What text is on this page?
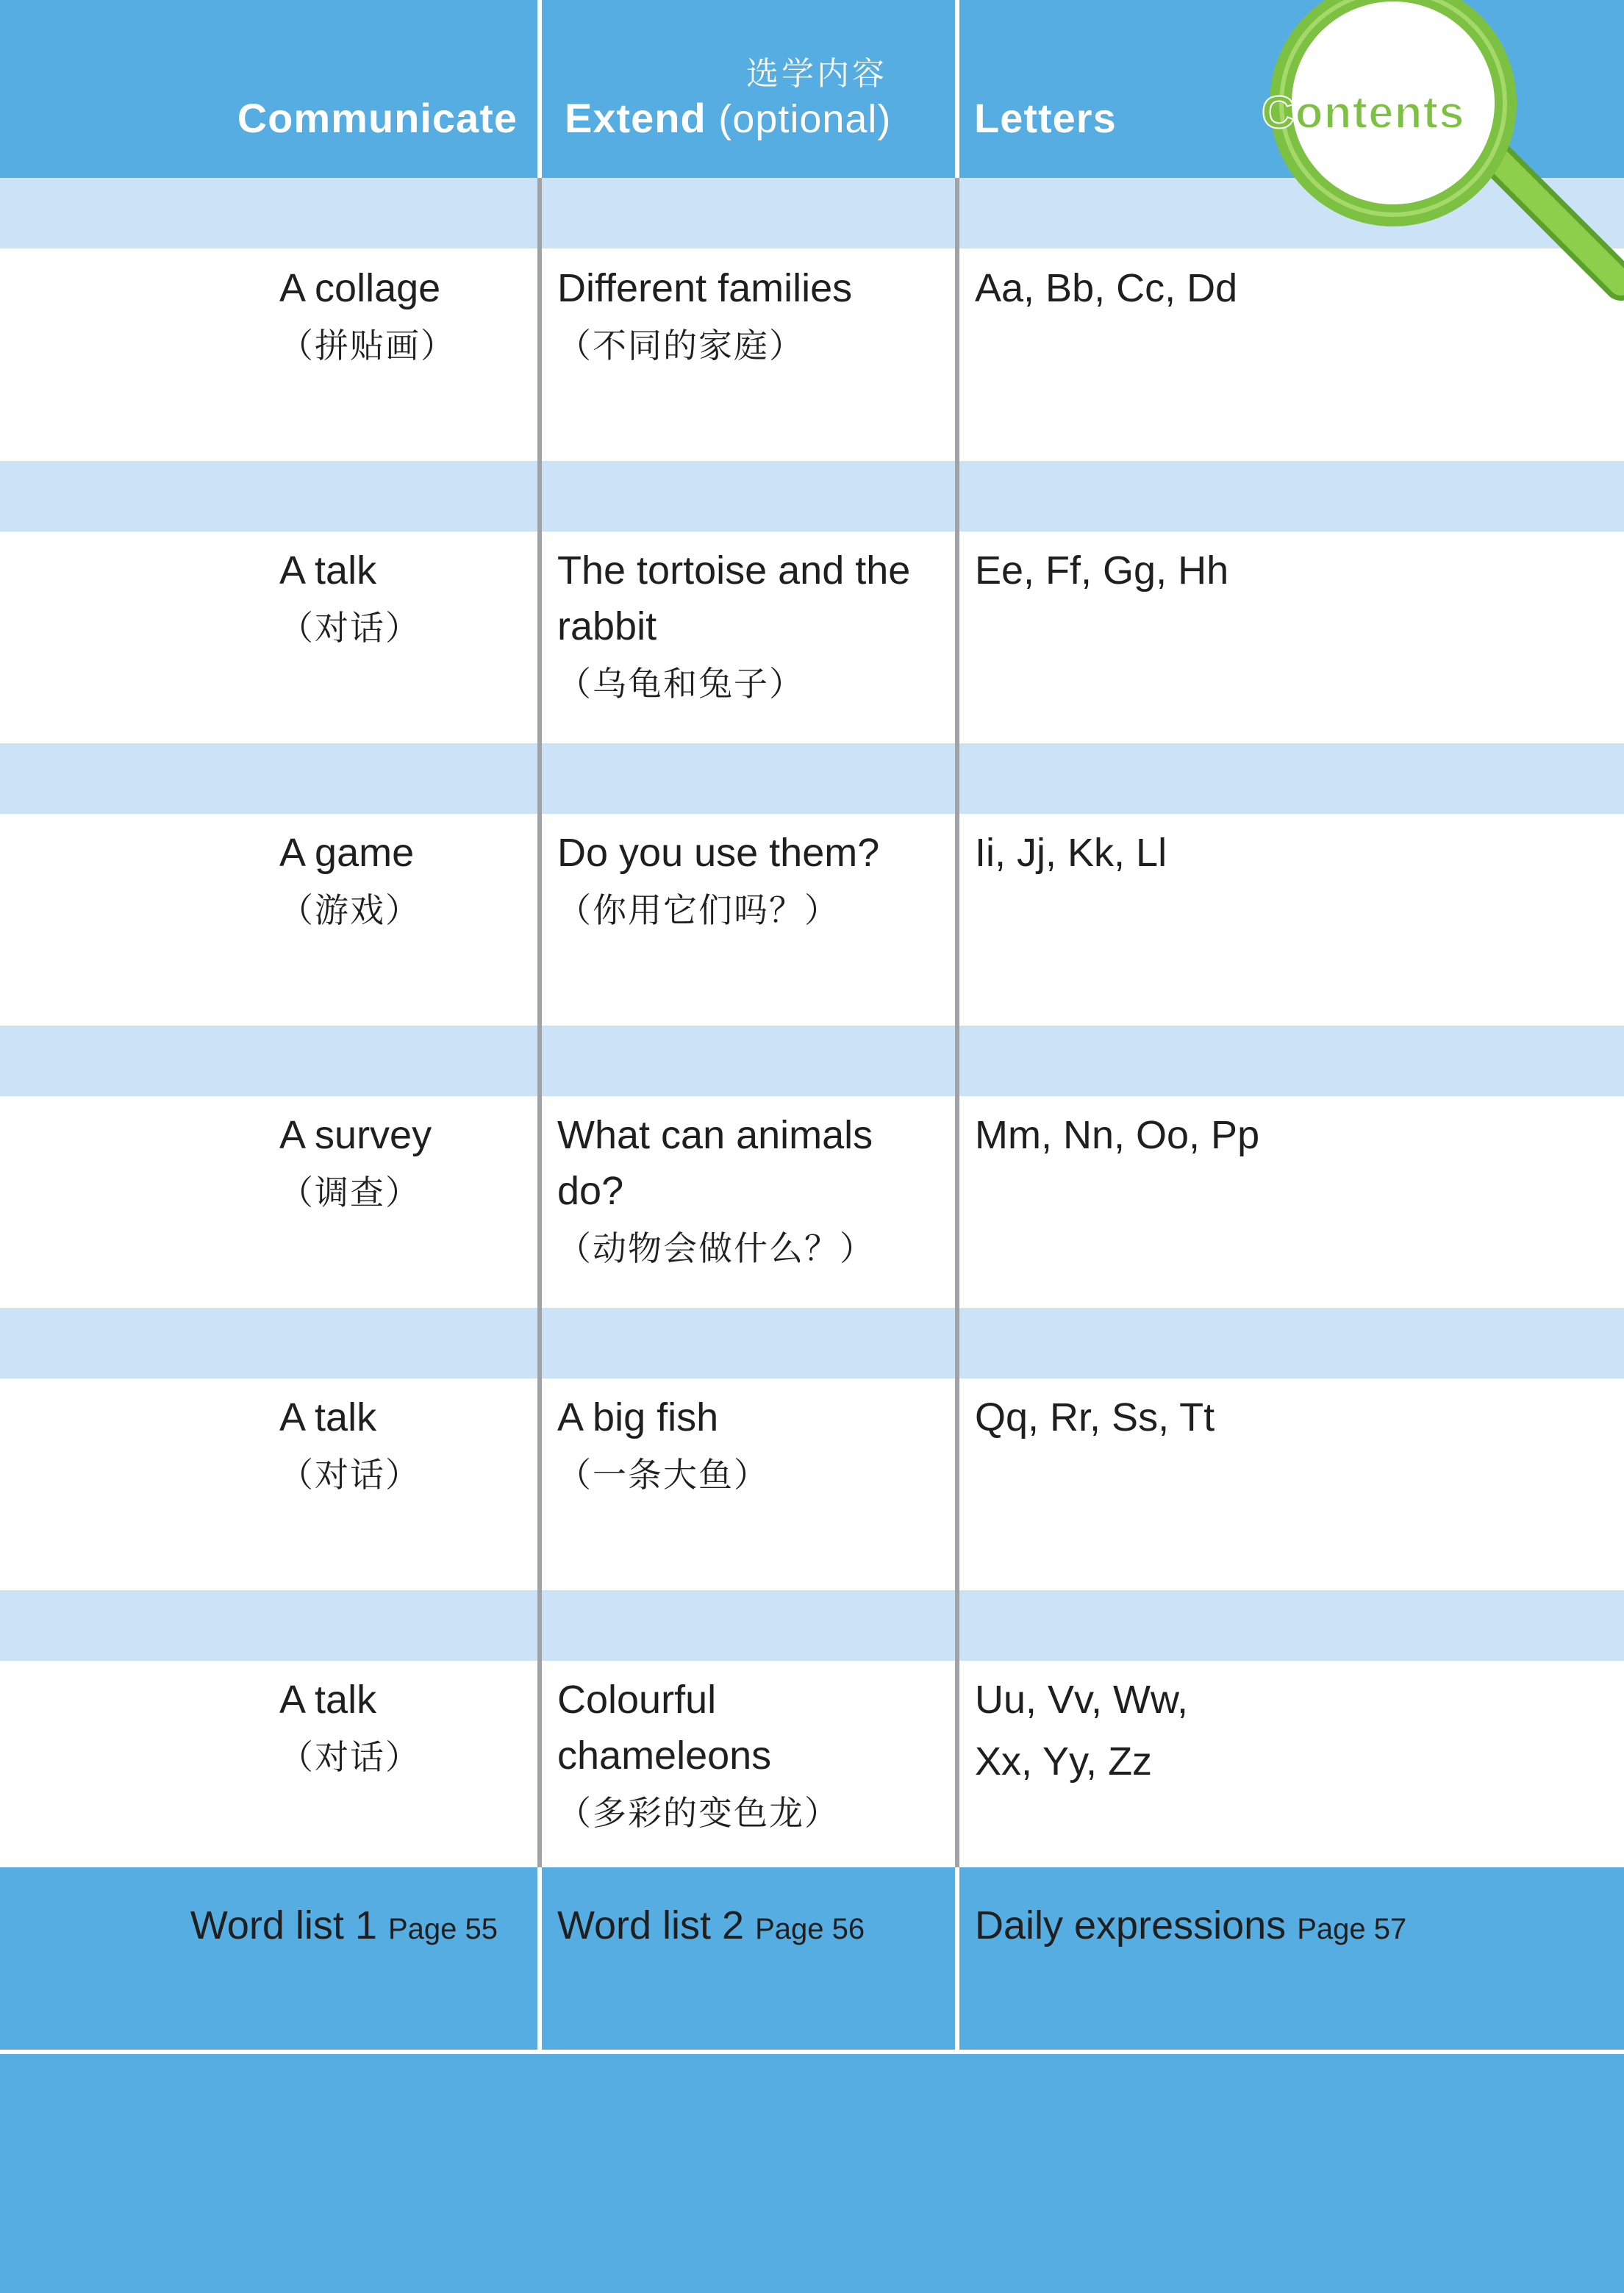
Communicate
选学内容
Extend (optional) Letters	Contents
A collage
（拼贴画）
Different families
（不同的家庭）
Aa, Bb, Cc, Dd
A talk
（对话）
The tortoise and the
rabbit
（乌龟和兔子）
Ee, Ff, Gg, Hh
A game
（游戏）
Do you use them?
（你用它们吗？）
Ii, Jj, Kk, Ll
A survey
（调查）
What can animals
do?
（动物会做什么？）
Mm, Nn, Oo, Pp
A talk
（对话）
A big fish
（一条大鱼）
Qq, Rr, Ss, Tt
A talk
（对话）
Colourful
chameleons
（多彩的变色龙）
Uu, Vv, Ww,
Xx, Yy, Zz
Word list 1 Page 55 Word list 2 Page 56	Daily expressions Page 57
